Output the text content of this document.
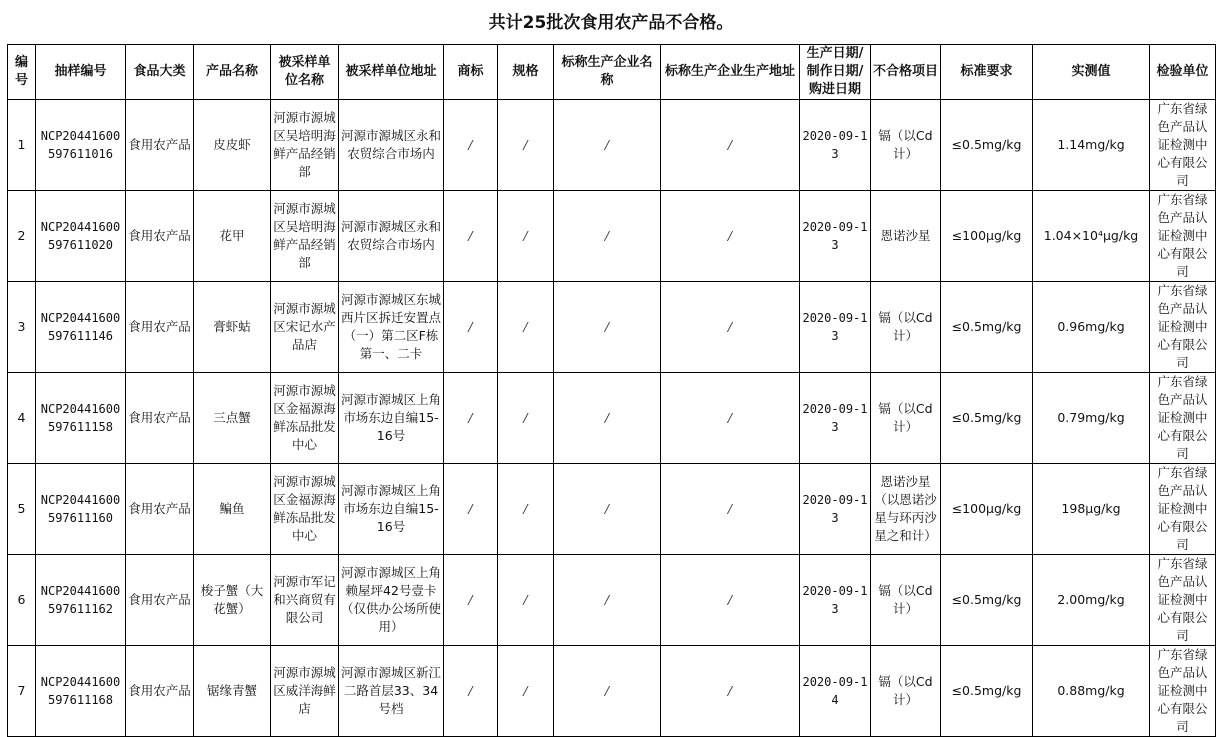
共计25批次食用农产品不合格。
编号	抽样编号	食品大类	产品名称	被采样单位名称	被采样单位地址	商标	规格	标称生产企业名称	标称生产企业生产地址	生产日期/制作日期/购进日期	不合格项目	标准要求	实测值	检验单位
1	NCP20441600597611016	食用农产品	皮皮虾	河源市源城区吴培明海鲜产品经销部	河源市源城区永和农贸综合市场内	/	/	/	/	2020-09-13	镉（以Cd计）	≤0.5mg/kg	1.14mg/kg	广东省绿色产品认证检测中心有限公司
2	NCP20441600597611020	食用农产品	花甲	河源市源城区吴培明海鲜产品经销部	河源市源城区永和农贸综合市场内	/	/	/	/	2020-09-13	恩诺沙星	≤100μg/kg	1.04×10⁴μg/kg	广东省绿色产品认证检测中心有限公司
3	NCP20441600597611146	食用农产品	膏虾蛄	河源市源城区宋记水产品店	河源市源城区东城西片区拆迁安置点（一）第二区F栋第一、二卡	/	/	/	/	2020-09-13	镉（以Cd计）	≤0.5mg/kg	0.96mg/kg	广东省绿色产品认证检测中心有限公司
4	NCP20441600597611158	食用农产品	三点蟹	河源市源城区金福源海鲜冻品批发中心	河源市源城区上角市场东边自编15-16号	/	/	/	/	2020-09-13	镉（以Cd计）	≤0.5mg/kg	0.79mg/kg	广东省绿色产品认证检测中心有限公司
5	NCP20441600597611160	食用农产品	鳊鱼	河源市源城区金福源海鲜冻品批发中心	河源市源城区上角市场东边自编15-16号	/	/	/	/	2020-09-13	恩诺沙星（以恩诺沙星与环丙沙星之和计）	≤100μg/kg	198μg/kg	广东省绿色产品认证检测中心有限公司
6	NCP20441600597611162	食用农产品	梭子蟹（大花蟹）	河源市军记和兴商贸有限公司	河源市源城区上角赖屋坪42号壹卡（仅供办公场所使用）	/	/	/	/	2020-09-13	镉（以Cd计）	≤0.5mg/kg	2.00mg/kg	广东省绿色产品认证检测中心有限公司
7	NCP20441600597611168	食用农产品	锯缘青蟹	河源市源城区威洋海鲜店	河源市源城区新江二路首层33、34号档	/	/	/	/	2020-09-14	镉（以Cd计）	≤0.5mg/kg	0.88mg/kg	广东省绿色产品认证检测中心有限公司
